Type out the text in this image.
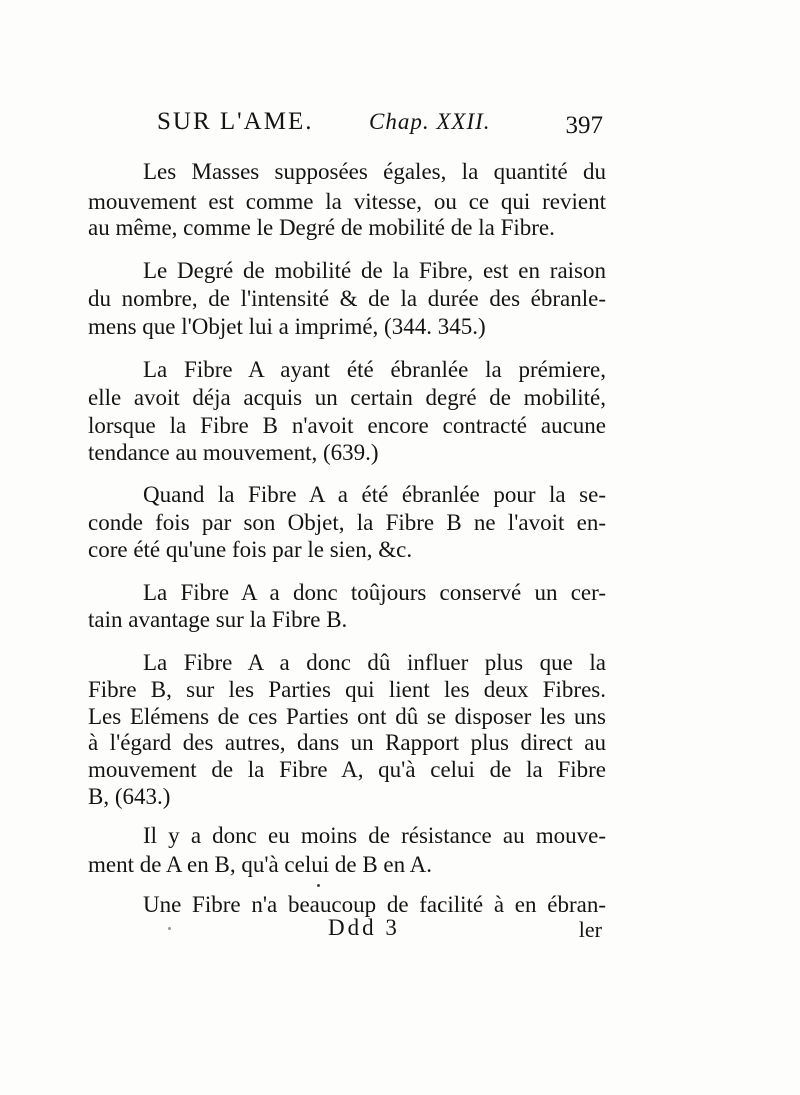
SUR L'AME. Chap. XXII.	397
Les Masses supposées égales, la quantité du
mouvement est comme la vitesse, ou ce qui revient
au même, comme le Degré de mobilité de la Fibre.
Le Degré de mobilité de la Fibre, est en raison
du nombre, de l'intensité & de la durée des ébranle-
mens que l'Objet lui a imprimé, (344. 345.)
La Fibre A ayant été ébranlée la prémiere,
elle avoit déja acquis un certain degré de mobilité,
lorsque la Fibre B n'avoit encore contracté aucune
tendance au mouvement, (639.)
Quand la Fibre A a été ébranlée pour la se-
conde fois par son Objet, la Fibre B ne l'avoit en-
core été qu'une fois par le sien, &c.
La Fibre A a donc toûjours conservé un cer-
tain avantage sur la Fibre B.
La Fibre A a donc dû influer plus que la
Fibre B, sur les Parties qui lient les deux Fibres.
Les Elémens de ces Parties ont dû se disposer les uns
à l'égard des autres, dans un Rapport plus direct au
mouvement de la Fibre A, qu'à celui de la Fibre
B, (643.)
Il y a donc eu moins de résistance au mouve-
ment de A en B, qu'à celui de B en A.
Une Fibre n'a beaucoup de facilité à en ébran-
Ddd 3	ler
